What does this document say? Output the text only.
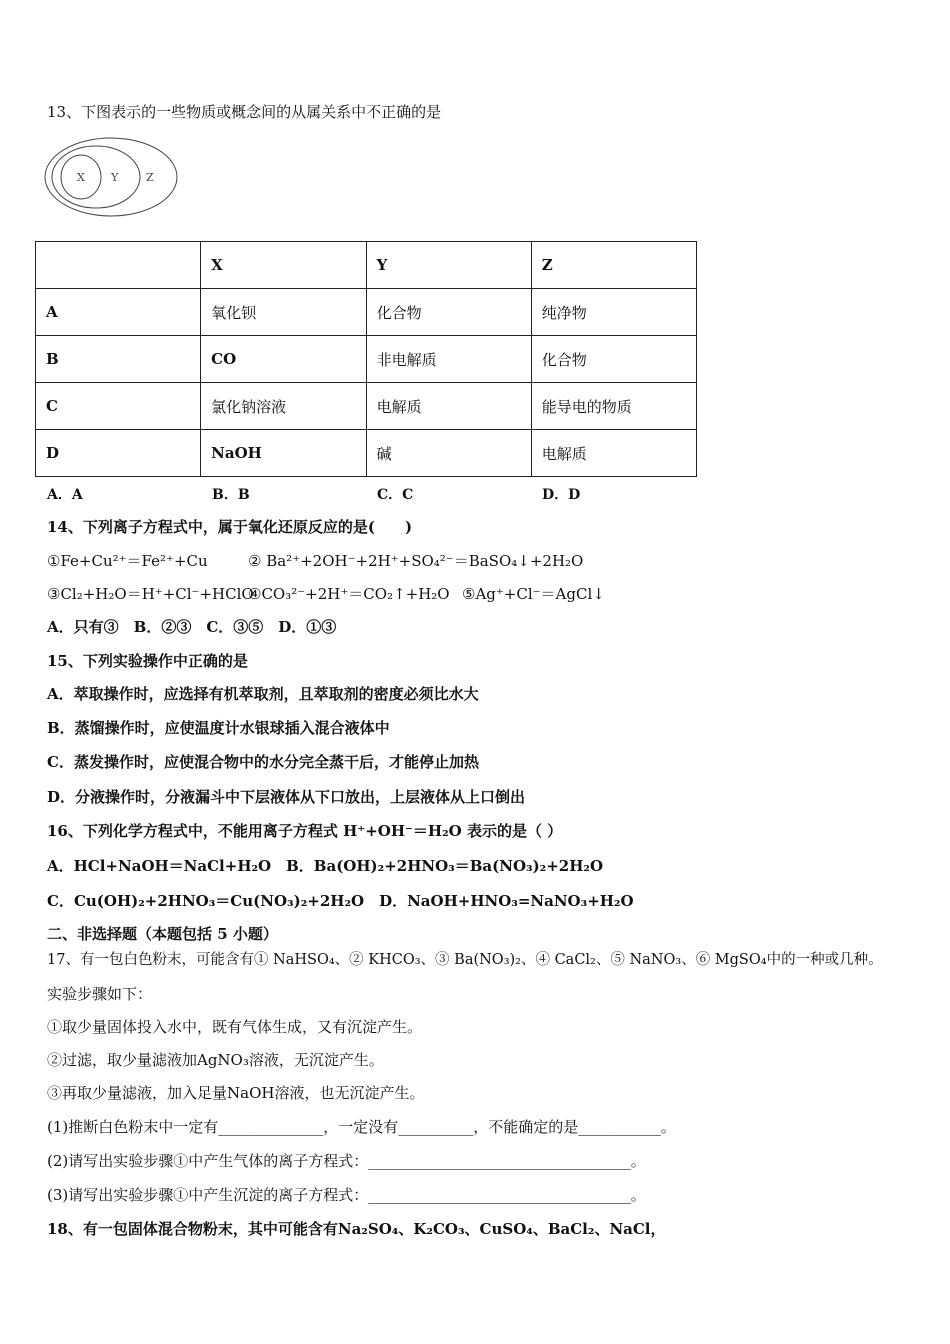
13、下图表示的一些物质或概念间的从属关系中不正确的是
X Y	Z
	X	Y	Z
A	氧化钡	化合物	纯净物
B	CO	非电解质	化合物
C	氯化钠溶液	电解质	能导电的物质
D	NaOH	碱	电解质
A．A	B．B	C．C	D．D
14、下列离子方程式中，属于氧化还原反应的是(　　)
①Fe+Cu²⁺＝Fe²⁺+Cu	② Ba²⁺+2OH⁻+2H⁺+SO₄²⁻＝BaSO₄↓+2H₂O
③Cl₂+H₂O＝H⁺+Cl⁻+HClO
④CO₃²⁻+2H⁺＝CO₂↑+H₂O ⑤Ag⁺+Cl⁻＝AgCl↓
A．只有③　B．②③　C．③⑤　D．①③
15、下列实验操作中正确的是
A．萃取操作时，应选择有机萃取剂，且萃取剂的密度必须比水大
B．蒸馏操作时，应使温度计水银球插入混合液体中
C．蒸发操作时，应使混合物中的水分完全蒸干后，才能停止加热
D．分液操作时，分液漏斗中下层液体从下口放出，上层液体从上口倒出
16、下列化学方程式中，不能用离子方程式 H⁺+OH⁻＝H₂O 表示的是（ ）
A．HCl+NaOH＝NaCl+H₂O　B．Ba(OH)₂+2HNO₃＝Ba(NO₃)₂+2H₂O
C．Cu(OH)₂+2HNO₃＝Cu(NO₃)₂+2H₂O　D．NaOH+HNO₃=NaNO₃+H₂O
二、非选择题（本题包括 5 小题）
17、有一包白色粉末，可能含有① NaHSO₄、② KHCO₃、③ Ba(NO₃)₂、④ CaCl₂、⑤ NaNO₃、⑥ MgSO₄中的一种或几种。
实验步骤如下：
①取少量固体投入水中，既有气体生成，又有沉淀产生。
②过滤，取少量滤液加AgNO₃溶液，无沉淀产生。
③再取少量滤液，加入足量NaOH溶液，也无沉淀产生。
(1)推断白色粉末中一定有______________，一定没有__________，不能确定的是___________。
(2)请写出实验步骤①中产生气体的离子方程式：___________________________________。
(3)请写出实验步骤①中产生沉淀的离子方程式：___________________________________。
18、有一包固体混合物粉末，其中可能含有Na₂SO₄、K₂CO₃、CuSO₄、BaCl₂、NaCl，
